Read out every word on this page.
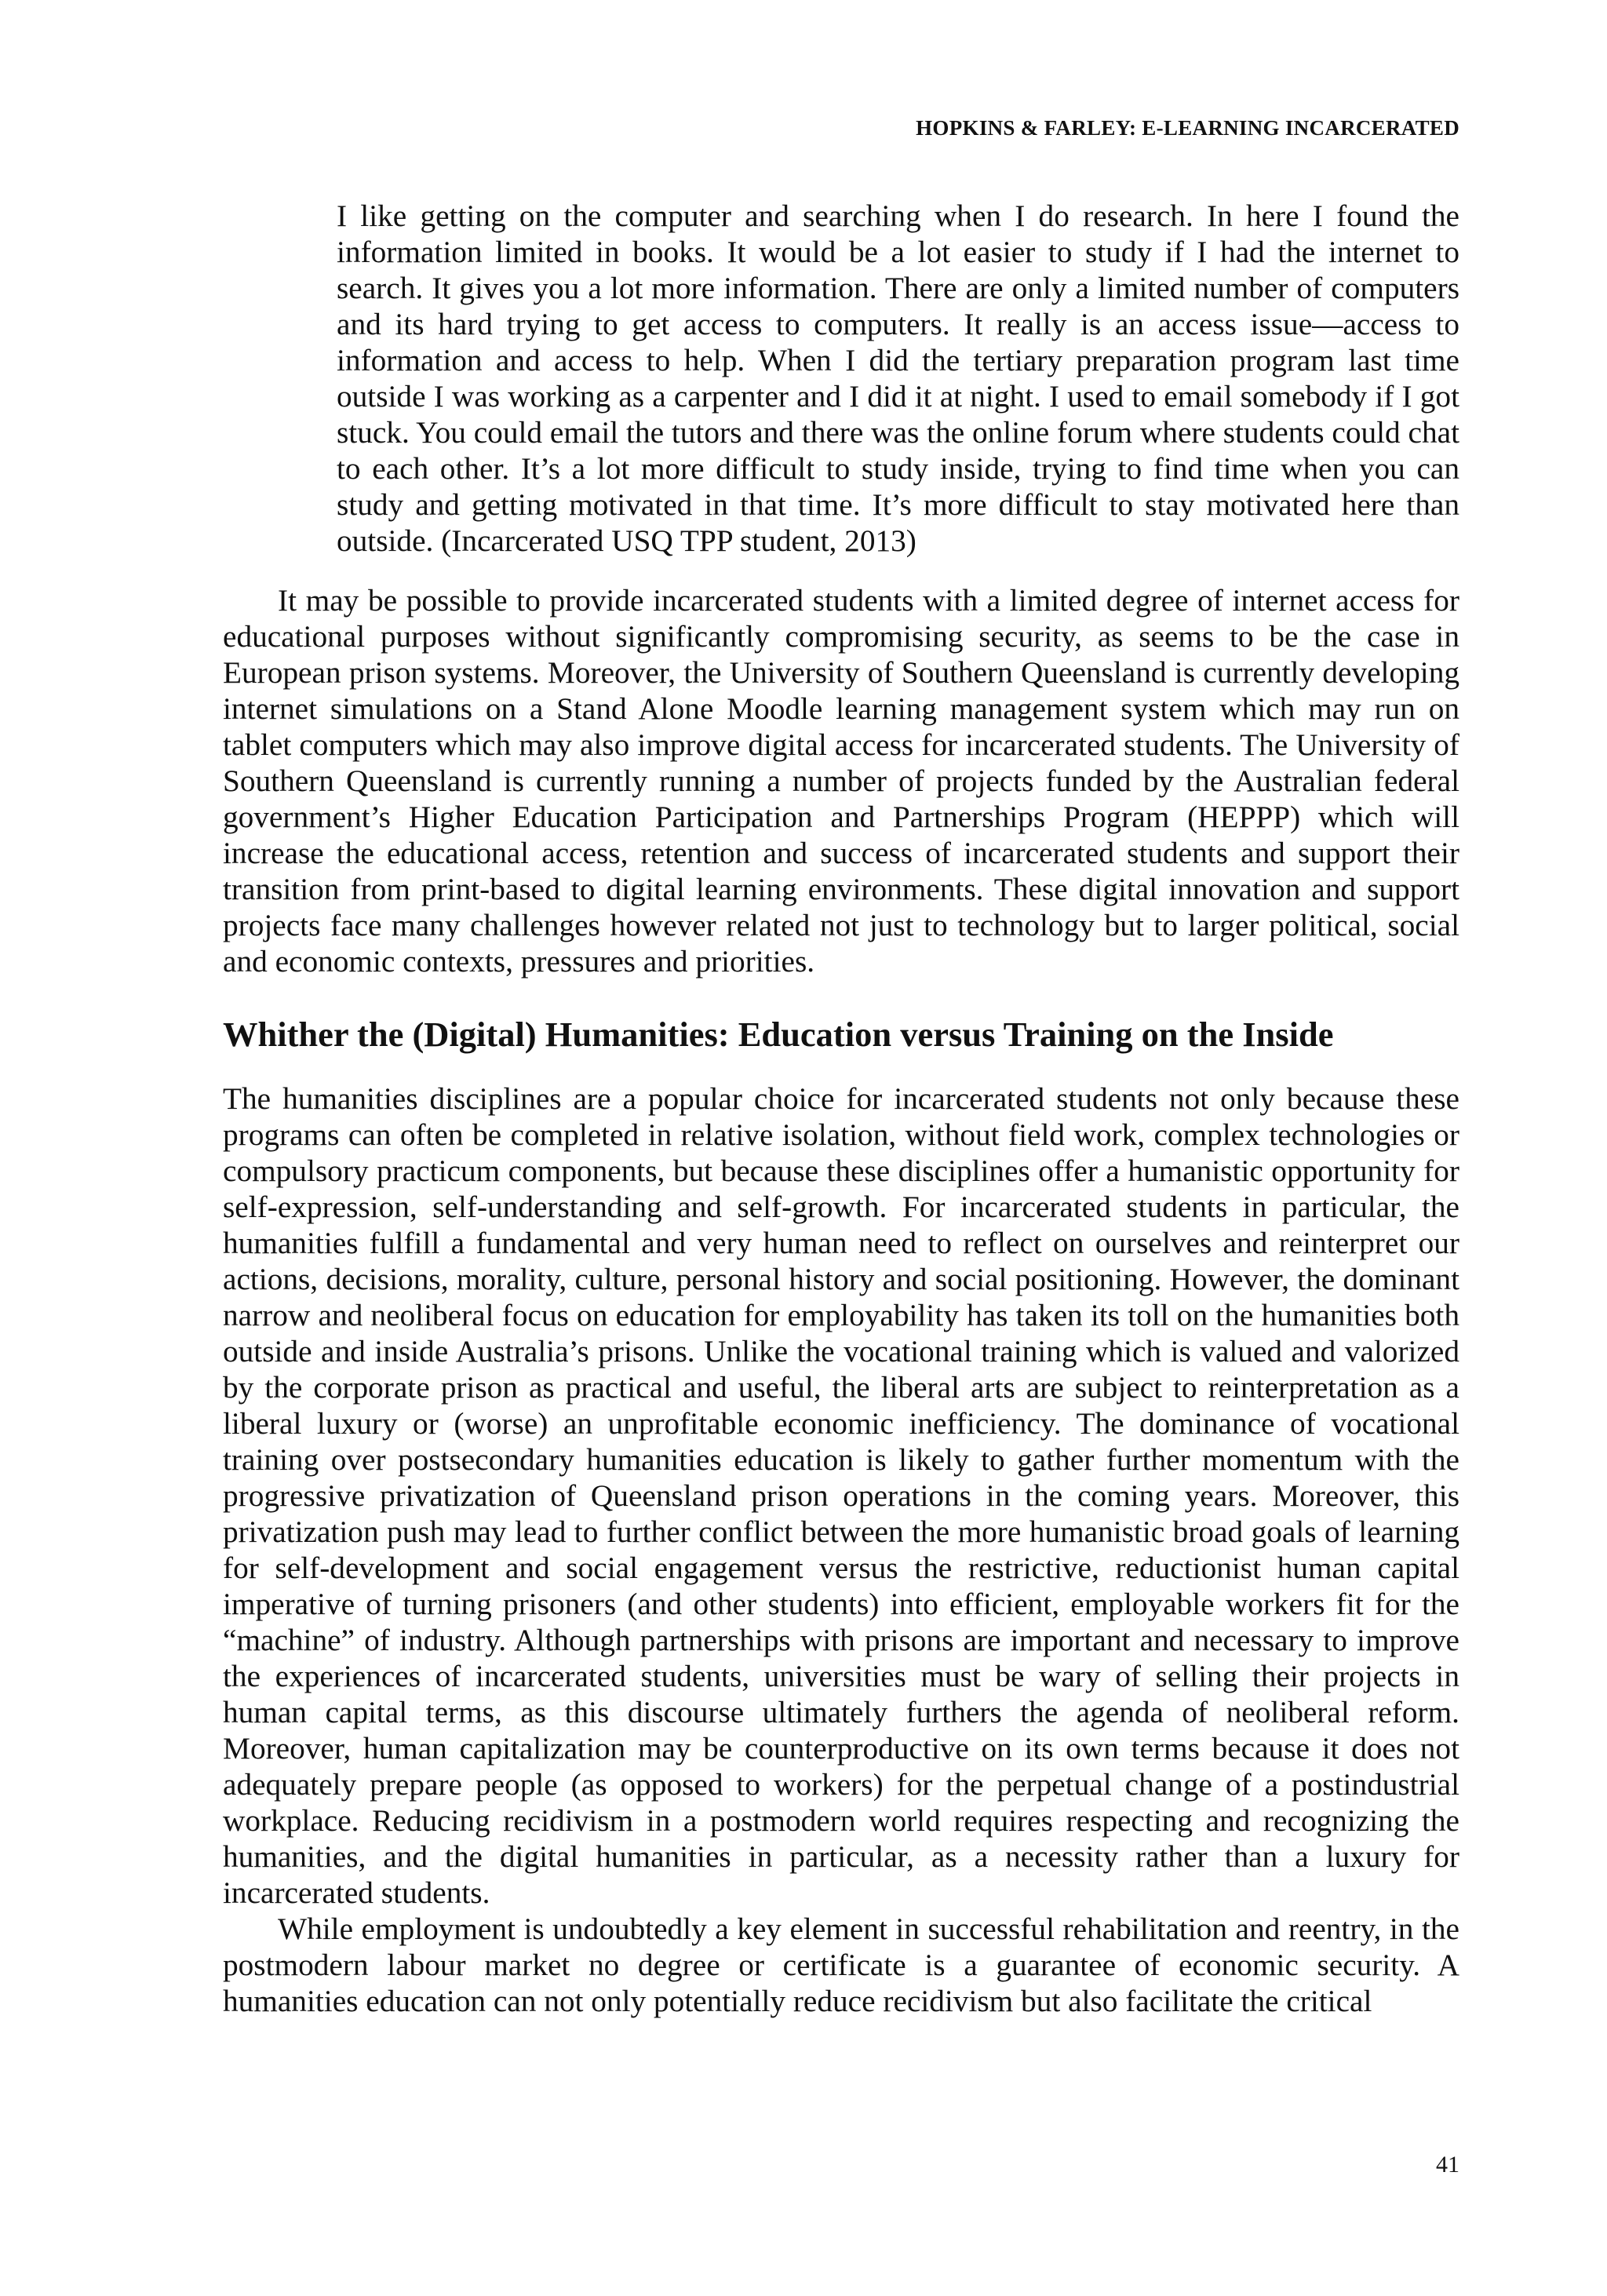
HOPKINS & FARLEY: E-LEARNING INCARCERATED

I like getting on the computer and searching when I do research. In here I found the information limited in books. It would be a lot easier to study if I had the internet to search. It gives you a lot more information. There are only a limited number of computers and its hard trying to get access to computers. It really is an access issue—access to information and access to help. When I did the tertiary preparation program last time outside I was working as a carpenter and I did it at night. I used to email somebody if I got stuck. You could email the tutors and there was the online forum where students could chat to each other. It’s a lot more difficult to study inside, trying to find time when you can study and getting motivated in that time. It’s more difficult to stay motivated here than outside. (Incarcerated USQ TPP student, 2013)

It may be possible to provide incarcerated students with a limited degree of internet access for educational purposes without significantly compromising security, as seems to be the case in European prison systems. Moreover, the University of Southern Queensland is currently developing internet simulations on a Stand Alone Moodle learning management system which may run on tablet computers which may also improve digital access for incarcerated students. The University of Southern Queensland is currently running a number of projects funded by the Australian federal government’s Higher Education Participation and Partnerships Program (HEPPP) which will increase the educational access, retention and success of incarcerated students and support their transition from print-based to digital learning environments. These digital innovation and support projects face many challenges however related not just to technology but to larger political, social and economic contexts, pressures and priorities.

Whither the (Digital) Humanities: Education versus Training on the Inside

The humanities disciplines are a popular choice for incarcerated students not only because these programs can often be completed in relative isolation, without field work, complex technologies or compulsory practicum components, but because these disciplines offer a humanistic opportunity for self-expression, self-understanding and self-growth. For incarcerated students in particular, the humanities fulfill a fundamental and very human need to reflect on ourselves and reinterpret our actions, decisions, morality, culture, personal history and social positioning. However, the dominant narrow and neoliberal focus on education for employability has taken its toll on the humanities both outside and inside Australia’s prisons. Unlike the vocational training which is valued and valorized by the corporate prison as practical and useful, the liberal arts are subject to reinterpretation as a liberal luxury or (worse) an unprofitable economic inefficiency. The dominance of vocational training over postsecondary humanities education is likely to gather further momentum with the progressive privatization of Queensland prison operations in the coming years. Moreover, this privatization push may lead to further conflict between the more humanistic broad goals of learning for self-development and social engagement versus the restrictive, reductionist human capital imperative of turning prisoners (and other students) into efficient, employable workers fit for the “machine” of industry. Although partnerships with prisons are important and necessary to improve the experiences of incarcerated students, universities must be wary of selling their projects in human capital terms, as this discourse ultimately furthers the agenda of neoliberal reform. Moreover, human capitalization may be counterproductive on its own terms because it does not adequately prepare people (as opposed to workers) for the perpetual change of a postindustrial workplace. Reducing recidivism in a postmodern world requires respecting and recognizing the humanities, and the digital humanities in particular, as a necessity rather than a luxury for incarcerated students.

While employment is undoubtedly a key element in successful rehabilitation and reentry, in the postmodern labour market no degree or certificate is a guarantee of economic security. A humanities education can not only potentially reduce recidivism but also facilitate the critical

41
